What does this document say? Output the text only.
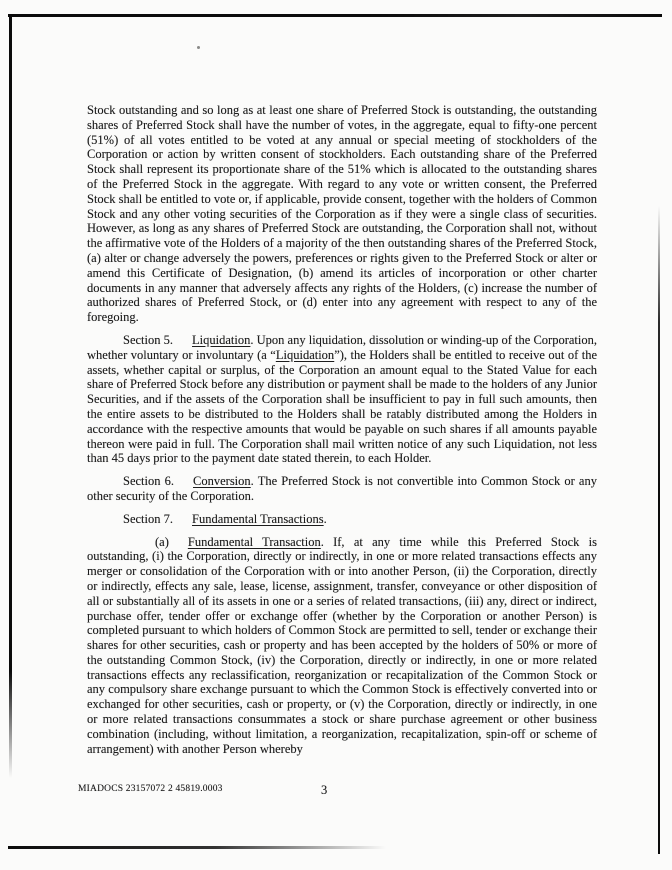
Stock outstanding and so long as at least one share of Preferred Stock is outstanding, the outstanding shares of Preferred Stock shall have the number of votes, in the aggregate, equal to fifty-one percent (51%) of all votes entitled to be voted at any annual or special meeting of stockholders of the Corporation or action by written consent of stockholders. Each outstanding share of the Preferred Stock shall represent its proportionate share of the 51% which is allocated to the outstanding shares of the Preferred Stock in the aggregate. With regard to any vote or written consent, the Preferred Stock shall be entitled to vote or, if applicable, provide consent, together with the holders of Common Stock and any other voting securities of the Corporation as if they were a single class of securities. However, as long as any shares of Preferred Stock are outstanding, the Corporation shall not, without the affirmative vote of the Holders of a majority of the then outstanding shares of the Preferred Stock, (a) alter or change adversely the powers, preferences or rights given to the Preferred Stock or alter or amend this Certificate of Designation, (b) amend its articles of incorporation or other charter documents in any manner that adversely affects any rights of the Holders, (c) increase the number of authorized shares of Preferred Stock, or (d) enter into any agreement with respect to any of the foregoing.

Section 5. Liquidation. Upon any liquidation, dissolution or winding-up of the Corporation, whether voluntary or involuntary (a “Liquidation”), the Holders shall be entitled to receive out of the assets, whether capital or surplus, of the Corporation an amount equal to the Stated Value for each share of Preferred Stock before any distribution or payment shall be made to the holders of any Junior Securities, and if the assets of the Corporation shall be insufficient to pay in full such amounts, then the entire assets to be distributed to the Holders shall be ratably distributed among the Holders in accordance with the respective amounts that would be payable on such shares if all amounts payable thereon were paid in full. The Corporation shall mail written notice of any such Liquidation, not less than 45 days prior to the payment date stated therein, to each Holder.

Section 6. Conversion. The Preferred Stock is not convertible into Common Stock or any other security of the Corporation.

Section 7. Fundamental Transactions.

(a) Fundamental Transaction. If, at any time while this Preferred Stock is outstanding, (i) the Corporation, directly or indirectly, in one or more related transactions effects any merger or consolidation of the Corporation with or into another Person, (ii) the Corporation, directly or indirectly, effects any sale, lease, license, assignment, transfer, conveyance or other disposition of all or substantially all of its assets in one or a series of related transactions, (iii) any, direct or indirect, purchase offer, tender offer or exchange offer (whether by the Corporation or another Person) is completed pursuant to which holders of Common Stock are permitted to sell, tender or exchange their shares for other securities, cash or property and has been accepted by the holders of 50% or more of the outstanding Common Stock, (iv) the Corporation, directly or indirectly, in one or more related transactions effects any reclassification, reorganization or recapitalization of the Common Stock or any compulsory share exchange pursuant to which the Common Stock is effectively converted into or exchanged for other securities, cash or property, or (v) the Corporation, directly or indirectly, in one or more related transactions consummates a stock or share purchase agreement or other business combination (including, without limitation, a reorganization, recapitalization, spin-off or scheme of arrangement) with another Person whereby

MIADOCS 23157072 2 45819.0003	3
